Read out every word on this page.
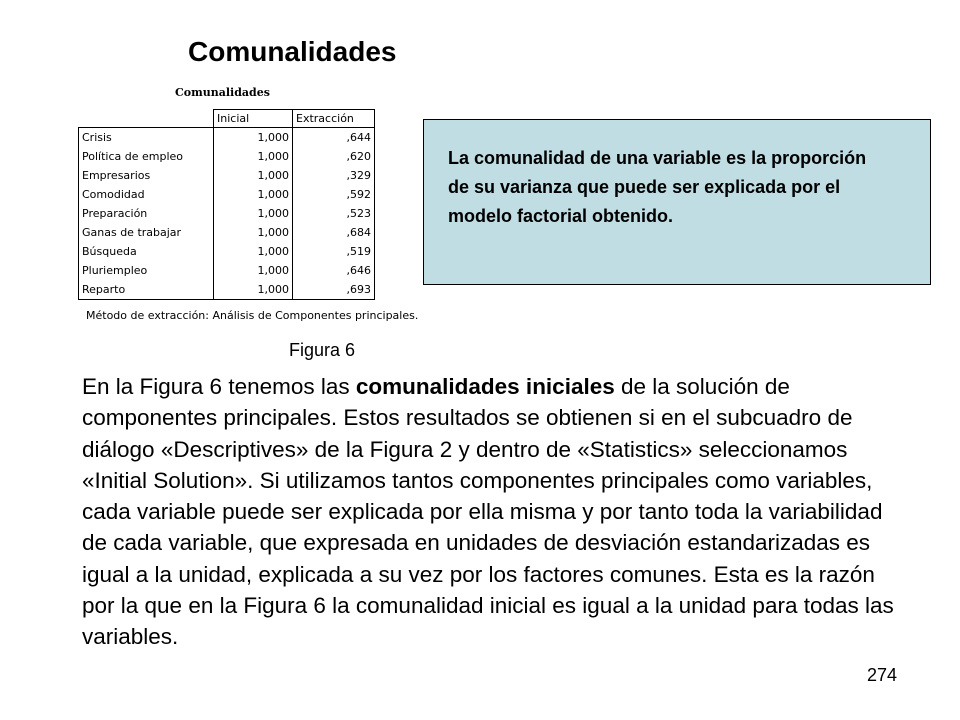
Comunalidades
Comunalidades
	Inicial	Extracción
Crisis	1,000	,644
Política de empleo	1,000	,620
Empresarios	1,000	,329
Comodidad	1,000	,592
Preparación	1,000	,523
Ganas de trabajar	1,000	,684
Búsqueda	1,000	,519
Pluriempleo	1,000	,646
Reparto	1,000	,693
Método de extracción: Análisis de Componentes principales.
La comunalidad de una variable es la proporción de su varianza que puede ser explicada por el modelo factorial obtenido.
Figura 6

En la Figura 6 tenemos las comunalidades iniciales de la solución de componentes principales. Estos resultados se obtienen si en el subcuadro de diálogo «Descriptives» de la Figura 2 y dentro de «Statistics» seleccionamos «Initial Solution». Si utilizamos tantos componentes principales como variables, cada variable puede ser explicada por ella misma y por tanto toda la variabilidad de cada variable, que expresada en unidades de desviación estandarizadas es igual a la unidad, explicada a su vez por los factores comunes. Esta es la razón por la que en la Figura 6 la comunalidad inicial es igual a la unidad para todas las variables.

274
